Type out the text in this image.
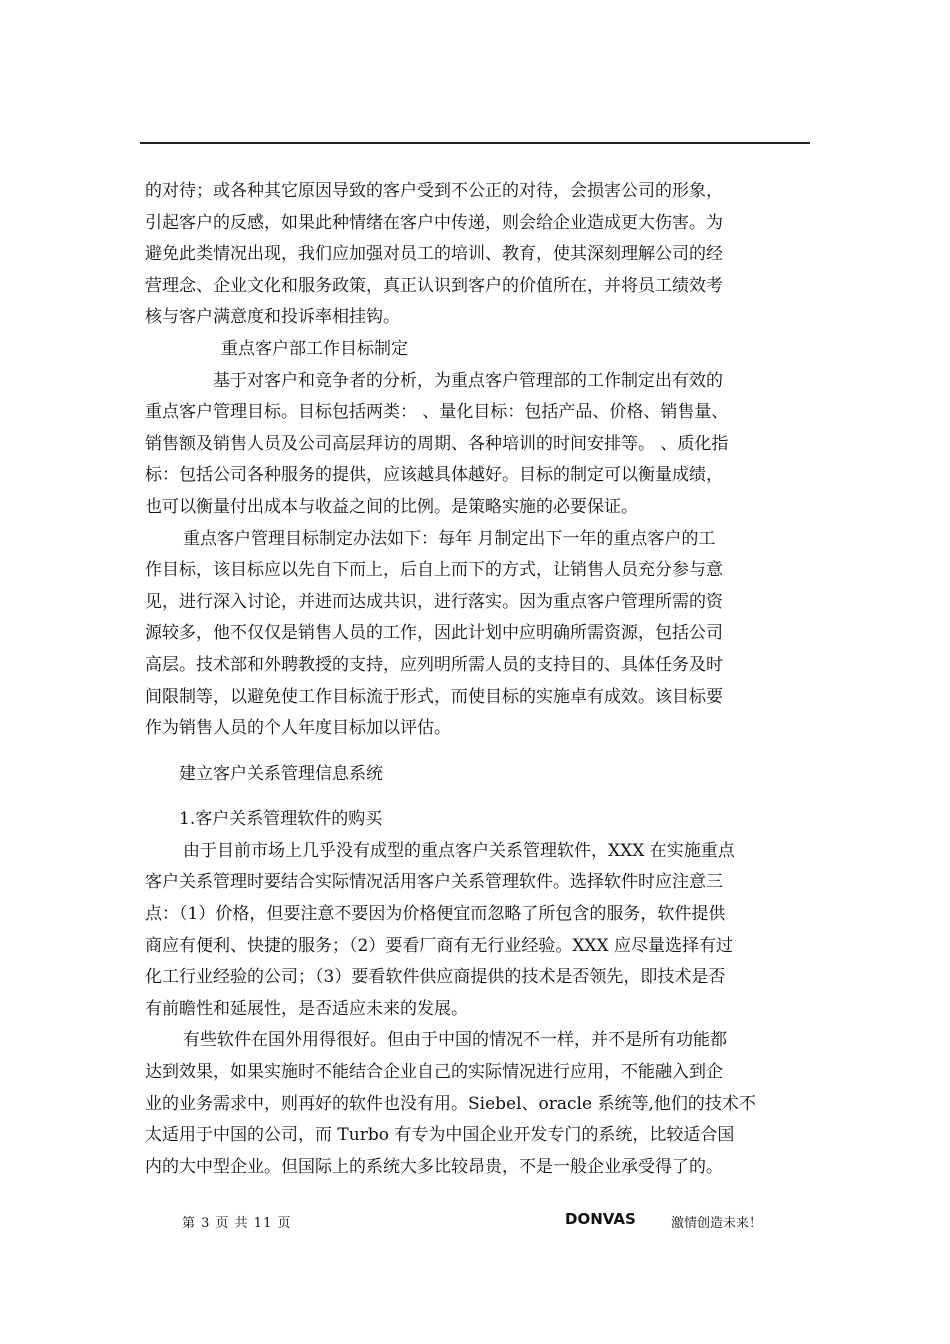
的对待；或各种其它原因导致的客户受到不公正的对待，会损害公司的形象，
引起客户的反感，如果此种情绪在客户中传递，则会给企业造成更大伤害。为
避免此类情况出现，我们应加强对员工的培训、教育，使其深刻理解公司的经
营理念、企业文化和服务政策，真正认识到客户的价值所在，并将员工绩效考
核与客户满意度和投诉率相挂钩。
重点客户部工作目标制定
基于对客户和竞争者的分析，为重点客户管理部的工作制定出有效的
重点客户管理目标。目标包括两类： 、量化目标：包括产品、价格、销售量、
销售额及销售人员及公司高层拜访的周期、各种培训的时间安排等。 、质化指
标：包括公司各种服务的提供，应该越具体越好。目标的制定可以衡量成绩，
也可以衡量付出成本与收益之间的比例。是策略实施的必要保证。
重点客户管理目标制定办法如下：每年 月制定出下一年的重点客户的工
作目标，该目标应以先自下而上，后自上而下的方式，让销售人员充分参与意
见，进行深入讨论，并进而达成共识，进行落实。因为重点客户管理所需的资
源较多，他不仅仅是销售人员的工作，因此计划中应明确所需资源，包括公司
高层。技术部和外聘教授的支持，应列明所需人员的支持目的、具体任务及时
间限制等，以避免使工作目标流于形式，而使目标的实施卓有成效。该目标要
作为销售人员的个人年度目标加以评估。
建立客户关系管理信息系统
1.客户关系管理软件的购买
由于目前市场上几乎没有成型的重点客户关系管理软件，XXX 在实施重点
客户关系管理时要结合实际情况活用客户关系管理软件。选择软件时应注意三
点：（1）价格，但要注意不要因为价格便宜而忽略了所包含的服务，软件提供
商应有便利、快捷的服务；（2）要看厂商有无行业经验。XXX 应尽量选择有过
化工行业经验的公司；（3）要看软件供应商提供的技术是否领先，即技术是否
有前瞻性和延展性，是否适应未来的发展。
有些软件在国外用得很好。但由于中国的情况不一样，并不是所有功能都
达到效果，如果实施时不能结合企业自己的实际情况进行应用，不能融入到企
业的业务需求中，则再好的软件也没有用。Siebel、oracle 系统等,他们的技术不
太适用于中国的公司，而 Turbo 有专为中国企业开发专门的系统，比较适合国
内的大中型企业。但国际上的系统大多比较昂贵，不是一般企业承受得了的。
第 3 页 共 11 页	DONVAS	激情创造未来！
